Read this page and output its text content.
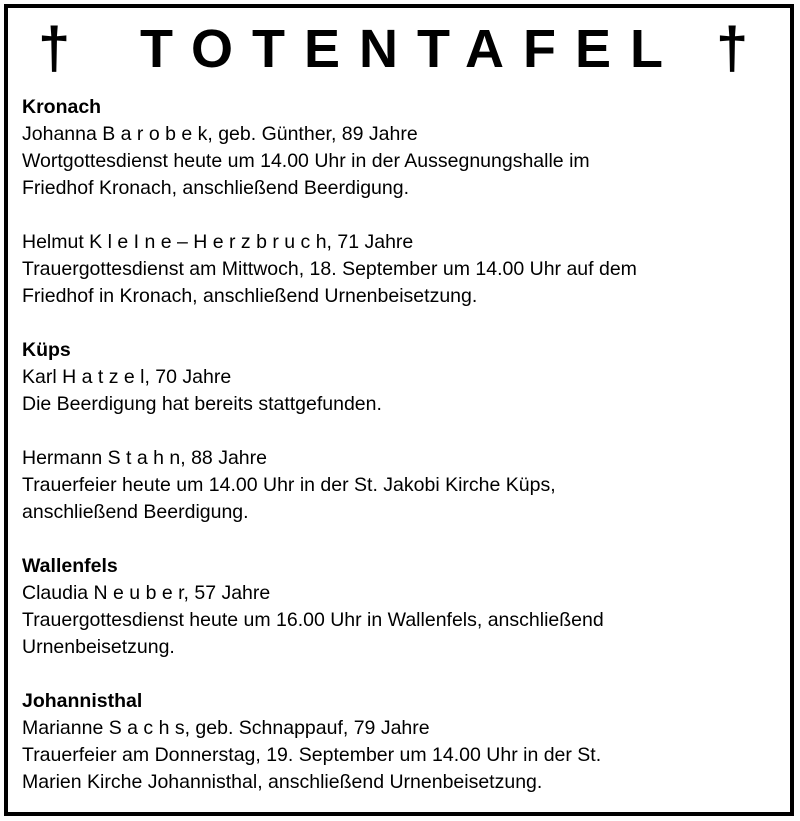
† TOTENTAFEL †
Kronach
Johanna B a r o b e k, geb. Günther, 89 Jahre
Wortgottesdienst heute um 14.00 Uhr in der Aussegnungshalle im
Friedhof Kronach, anschließend Beerdigung.
Helmut K l e I n e – H e r z b r u c h, 71 Jahre
Trauergottesdienst am Mittwoch, 18. September um 14.00 Uhr auf dem
Friedhof in Kronach, anschließend Urnenbeisetzung.
Küps
Karl H a t z e l, 70 Jahre
Die Beerdigung hat bereits stattgefunden.
Hermann S t a h n, 88 Jahre
Trauerfeier heute um 14.00 Uhr in der St. Jakobi Kirche Küps,
anschließend Beerdigung.
Wallenfels
Claudia N e u b e r, 57 Jahre
Trauergottesdienst heute um 16.00 Uhr in Wallenfels, anschließend
Urnenbeisetzung.
Johannisthal
Marianne S a c h s, geb. Schnappauf, 79 Jahre
Trauerfeier am Donnerstag, 19. September um 14.00 Uhr in der St.
Marien Kirche Johannisthal, anschließend Urnenbeisetzung.
